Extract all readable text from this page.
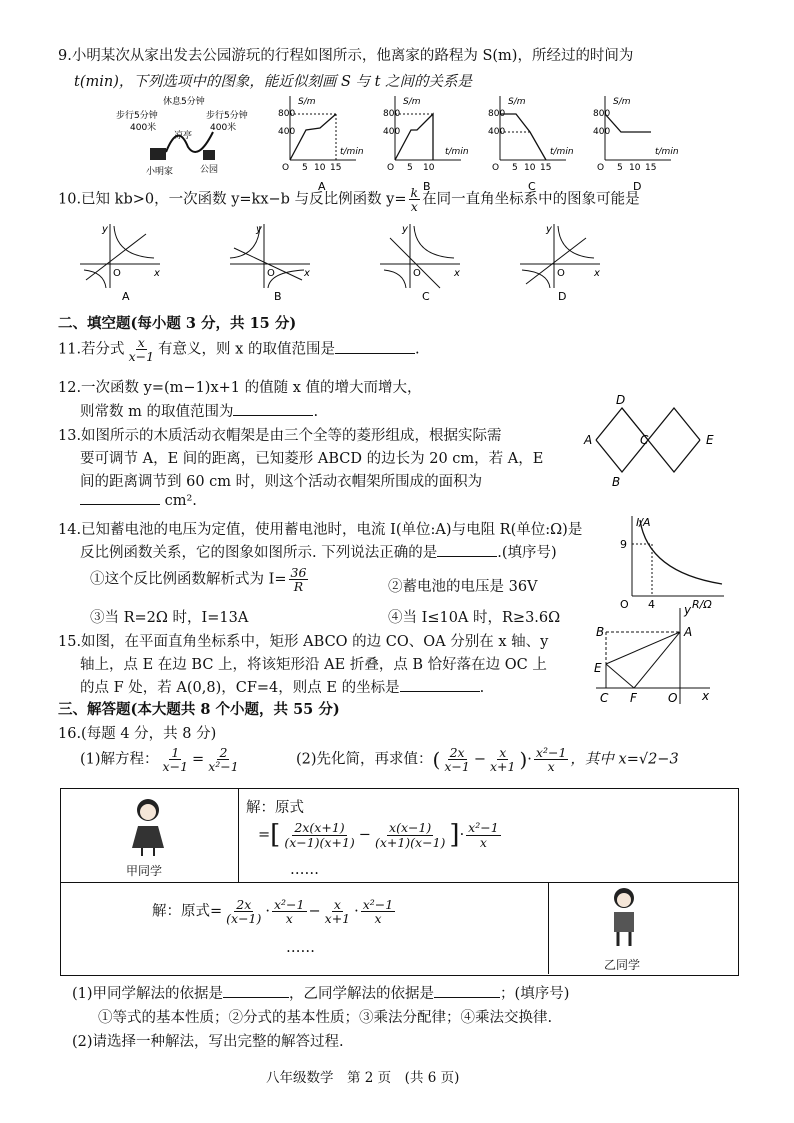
9.小明某次从家出发去公园游玩的行程如图所示，他离家的路程为 S(m)，所经过的时间为
t(min)，下列选项中的图象，能近似刻画 S 与 t 之间的关系是
休息5分钟
步行5分钟
400米
步行5分钟
400米
凉亭
小明家	公园
S/m
t/min
800
400
O 5 10 15
A
S/m
t/min
800
400
O 5 10
B
S/m
t/min
800
400
O 5 10 15
C
S/m
t/min
800
400
O 5 10 15
D
10.已知 kb>0，一次函数 y=kx−b 与反比例函数 $y= \frac{k}{x}$ 在同一直角坐标系中的图象可能是
y
x
O
A
y
x
O
B
y
x
O
C
y
x
O
D
二、填空题(每小题 3 分，共 15 分)
11.若分式 $\frac{x}{x-1}$ 有意义，则 x 的取值范围是	.
12.一次函数 y=(m−1)x+1 的值随 x 值的增大而增大，
则常数 m 的取值范围为	.
13.如图所示的木质活动衣帽架是由三个全等的菱形组成，根据实际需
要可调节 A，E 间的距离，已知菱形 ABCD 的边长为 20 cm，若 A，E
间的距离调节到 60 cm 时，则这个活动衣帽架所围成的面积为
cm².
A
D
C
B
E
14.已知蓄电池的电压为定值，使用蓄电池时，电流 I(单位:A)与电阻 R(单位:Ω)是
反比例函数关系，它的图象如图所示. 下列说法正确的是	.(填序号)
①这个反比例函数解析式为 $I= \frac{36}{R}$	②蓄电池的电压是 36V
③当 R=2Ω 时，I=13A	④当 I≤10A 时，R≥3.6Ω
I/A
R/Ω
O
9
4
15.如图，在平面直角坐标系中，矩形 ABCO 的边 CO、OA 分别在 x 轴、y
轴上，点 E 在边 BC 上，将该矩形沿 AE 折叠，点 B 恰好落在边 OC 上
的点 F 处，若 A(0,8)，CF=4，则点 E 的坐标是	.
y
x
B	A
E
C F	O
三、解答题(本大题共 8 个小题，共 55 分)
16.(每题 4 分，共 8 分)
(1)解方程： $\frac{1}{x-1} = \frac{2}{\text{x²−1}}$	(2)先化简，再求值：( $\frac{2x}{x-1} - \frac{x}{x+1}$ )· $\frac{\text{x²−1}}{x}$ ，其中 x=√2−3
甲同学
解：原式
=[ $\frac{2x(x+1)}{(x-1)(x+1)} - \frac{x(x-1)}{(x+1)(x-1)}$ ]· $\frac{\text{x²−1}}{x}$
……
解：原式= $\frac{2x}{(x-1)} \cdot \frac{\text{x²−1}}{x} - \frac{x}{x+1} \cdot \frac{\text{x²−1}}{x}$
……
乙同学
(1)甲同学解法的依据是	，乙同学解法的依据是	；(填序号)
①等式的基本性质；②分式的基本性质；③乘法分配律；④乘法交换律.
(2)请选择一种解法，写出完整的解答过程.
八年级数学　第 2 页　(共 6 页)
